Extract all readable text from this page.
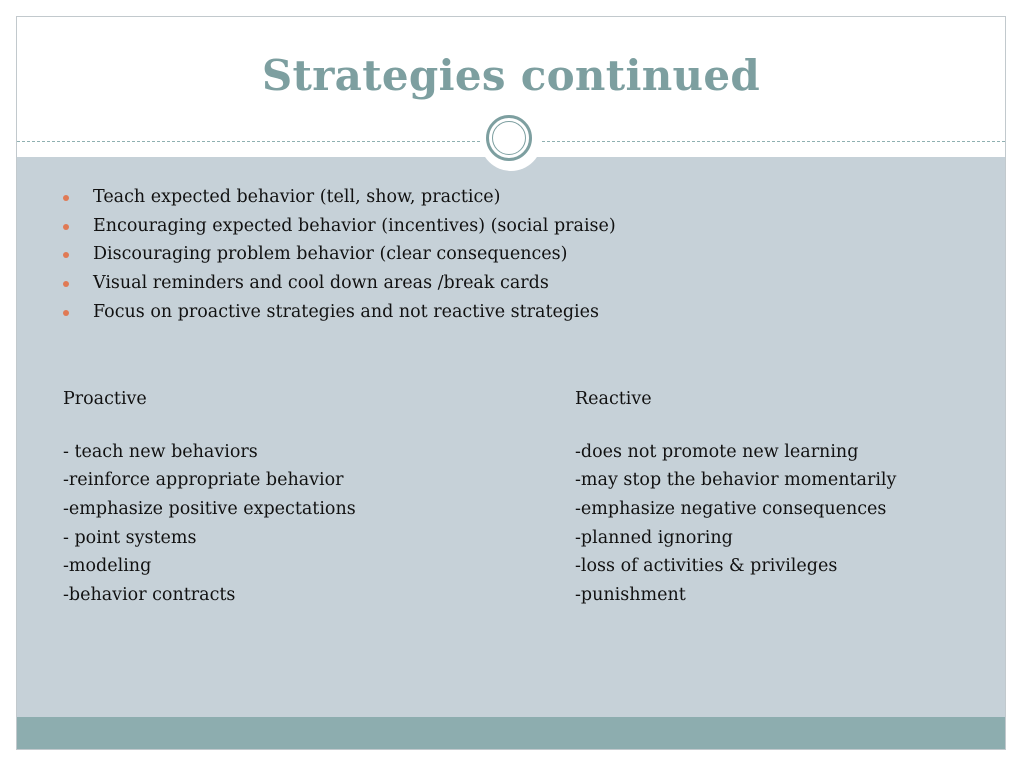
Strategies continued
Teach expected behavior (tell, show, practice)
Encouraging expected behavior (incentives) (social praise)
Discouraging problem behavior (clear consequences)
Visual reminders and cool down areas /break cards
Focus on proactive strategies and not reactive strategies
Proactive
- teach new behaviors
-reinforce appropriate behavior
-emphasize positive expectations
- point systems
-modeling
-behavior contracts
Reactive
-does not promote new learning
-may stop the behavior momentarily
-emphasize negative consequences
-planned ignoring
-loss of activities & privileges
-punishment
